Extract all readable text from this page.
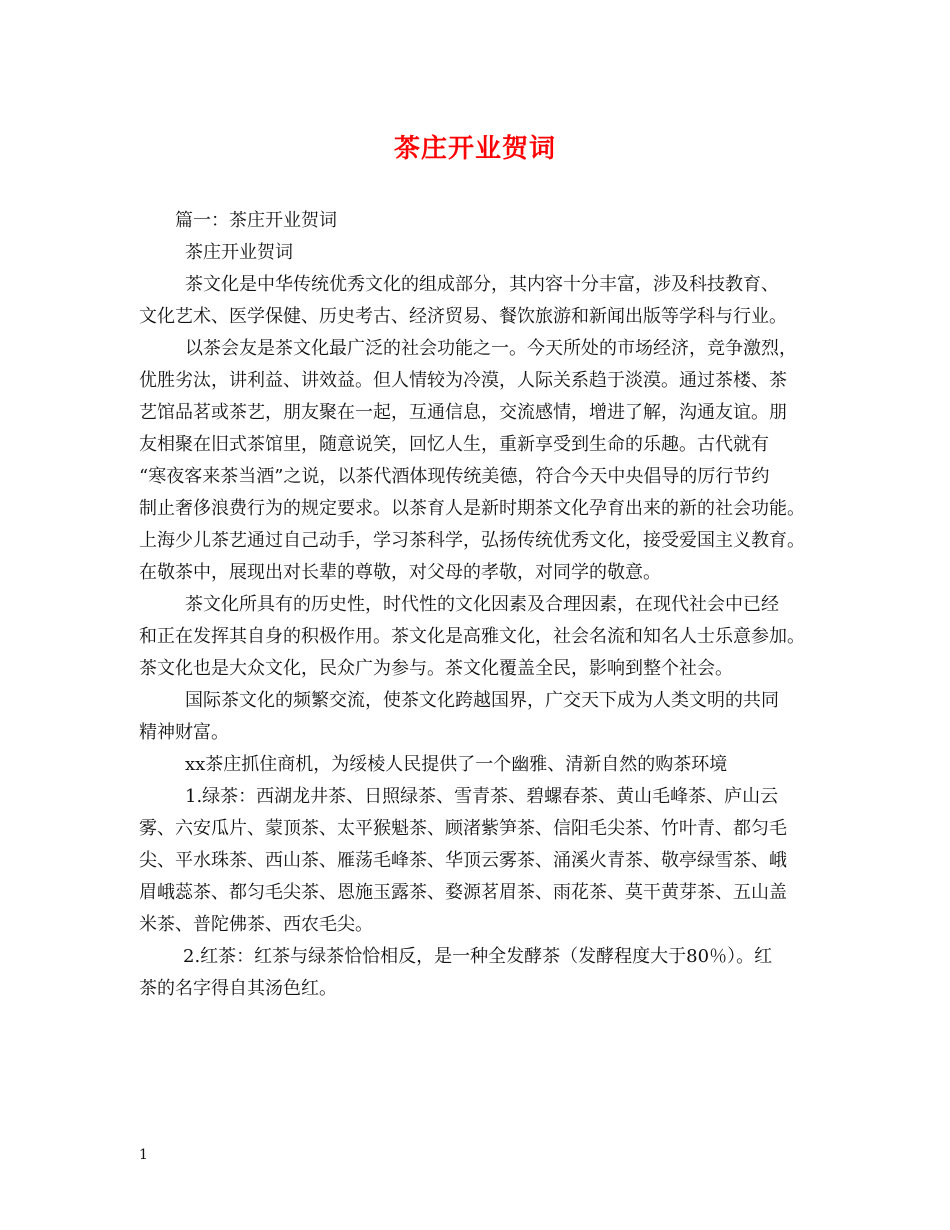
茶庄开业贺词
篇一：茶庄开业贺词
茶庄开业贺词
茶文化是中华传统优秀文化的组成部分，其内容十分丰富，涉及科技教育、
文化艺术、医学保健、历史考古、经济贸易、餐饮旅游和新闻出版等学科与行业。
以茶会友是茶文化最广泛的社会功能之一。今天所处的市场经济，竞争激烈，
优胜劣汰，讲利益、讲效益。但人情较为冷漠，人际关系趋于淡漠。通过茶楼、茶
艺馆品茗或茶艺，朋友聚在一起，互通信息，交流感情，增进了解，沟通友谊。朋
友相聚在旧式茶馆里，随意说笑，回忆人生，重新享受到生命的乐趣。古代就有
“寒夜客来茶当酒”之说，以茶代酒体现传统美德，符合今天中央倡导的厉行节约
制止奢侈浪费行为的规定要求。以茶育人是新时期茶文化孕育出来的新的社会功能。
上海少儿茶艺通过自己动手，学习茶科学，弘扬传统优秀文化，接受爱国主义教育。
在敬茶中，展现出对长辈的尊敬，对父母的孝敬，对同学的敬意。
茶文化所具有的历史性，时代性的文化因素及合理因素，在现代社会中已经
和正在发挥其自身的积极作用。茶文化是高雅文化，社会名流和知名人士乐意参加。
茶文化也是大众文化，民众广为参与。茶文化覆盖全民，影响到整个社会。
国际茶文化的频繁交流，使茶文化跨越国界，广交天下成为人类文明的共同
精神财富。
xx茶庄抓住商机，为绥棱人民提供了一个幽雅、清新自然的购茶环境
1.绿茶：西湖龙井茶、日照绿茶、雪青茶、碧螺春茶、黄山毛峰茶、庐山云
雾、六安瓜片、蒙顶茶、太平猴魁茶、顾渚紫笋茶、信阳毛尖茶、竹叶青、都匀毛
尖、平水珠茶、西山茶、雁荡毛峰茶、华顶云雾茶、涌溪火青茶、敬亭绿雪茶、峨
眉峨蕊茶、都匀毛尖茶、恩施玉露茶、婺源茗眉茶、雨花茶、莫干黄芽茶、五山盖
米茶、普陀佛茶、西农毛尖。
2.红茶：红茶与绿茶恰恰相反，是一种全发酵茶（发酵程度大于80％）。红
茶的名字得自其汤色红。
1
